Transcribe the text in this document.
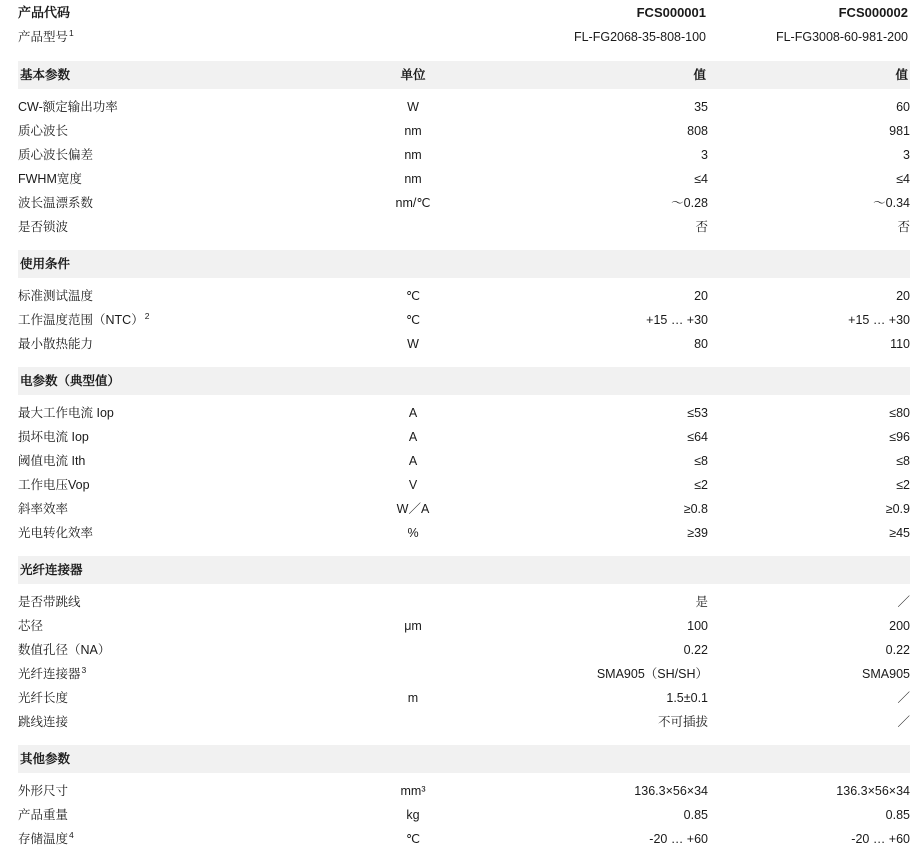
产品代码		FCS000001	FCS000002
产品型号$^1$		FL-FG2068-35-808-100	FL-FG3008-60-981-200

基本参数	单位	值	值

CW-额定输出功率	W	35	60
质心波长	nm	808	981
质心波长偏差	nm	3	3
FWHM宽度	nm	≤4	≤4
波长温漂系数	nm/℃	～0.28	～0.34
是否锁波		否	否

使用条件			

标准测试温度	℃	20	20
工作温度范围（NTC）$^2$	℃	+15 … +30	+15 … +30
最小散热能力	W	80	110

电参数（典型值）			

最大工作电流 Iop	A	≤53	≤80
损坏电流 Iop	A	≤64	≤96
阈值电流 Ith	A	≤8	≤8
工作电压Vop	V	≤2	≤2
斜率效率	W／A	≥0.8	≥0.9
光电转化效率	%	≥39	≥45

光纤连接器			

是否带跳线		是	／
芯径	μm	100	200
数值孔径（NA）		0.22	0.22
光纤连接器$^3$		SMA905（SH/SH）	SMA905
光纤长度	m	1.5±0.1	／
跳线连接		不可插拔	／

其他参数			

外形尺寸	mm³	136.3×56×34	136.3×56×34
产品重量	kg	0.85	0.85
存储温度$^4$	℃	-20 … +60	-20 … +60
